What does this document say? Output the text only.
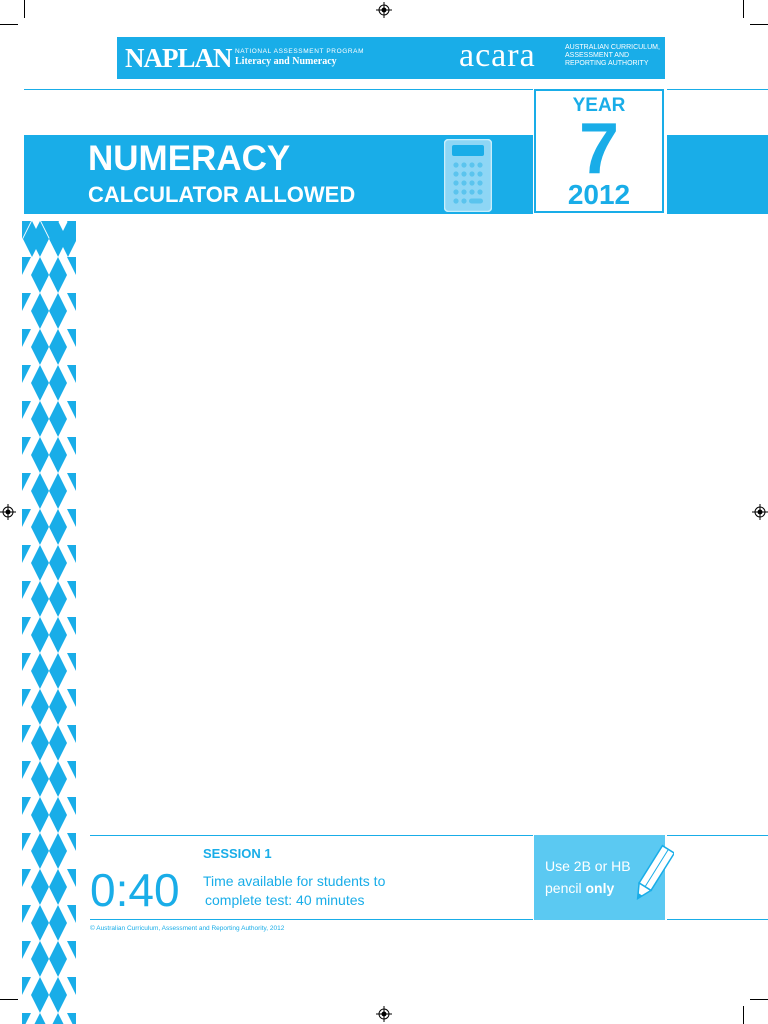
NAPLAN NATIONAL ASSESSMENT PROGRAM
Literacy and Numeracy	acara	AUSTRALIAN CURRICULUM,
ASSESSMENT AND
REPORTING AUTHORITY
NUMERACY
CALCULATOR ALLOWED
YEAR
7
2012
SESSION 1
0:40 Time available for students to
complete test: 40 minutes
Use 2B or HB
pencil only
© Australian Curriculum, Assessment and Reporting Authority, 2012
